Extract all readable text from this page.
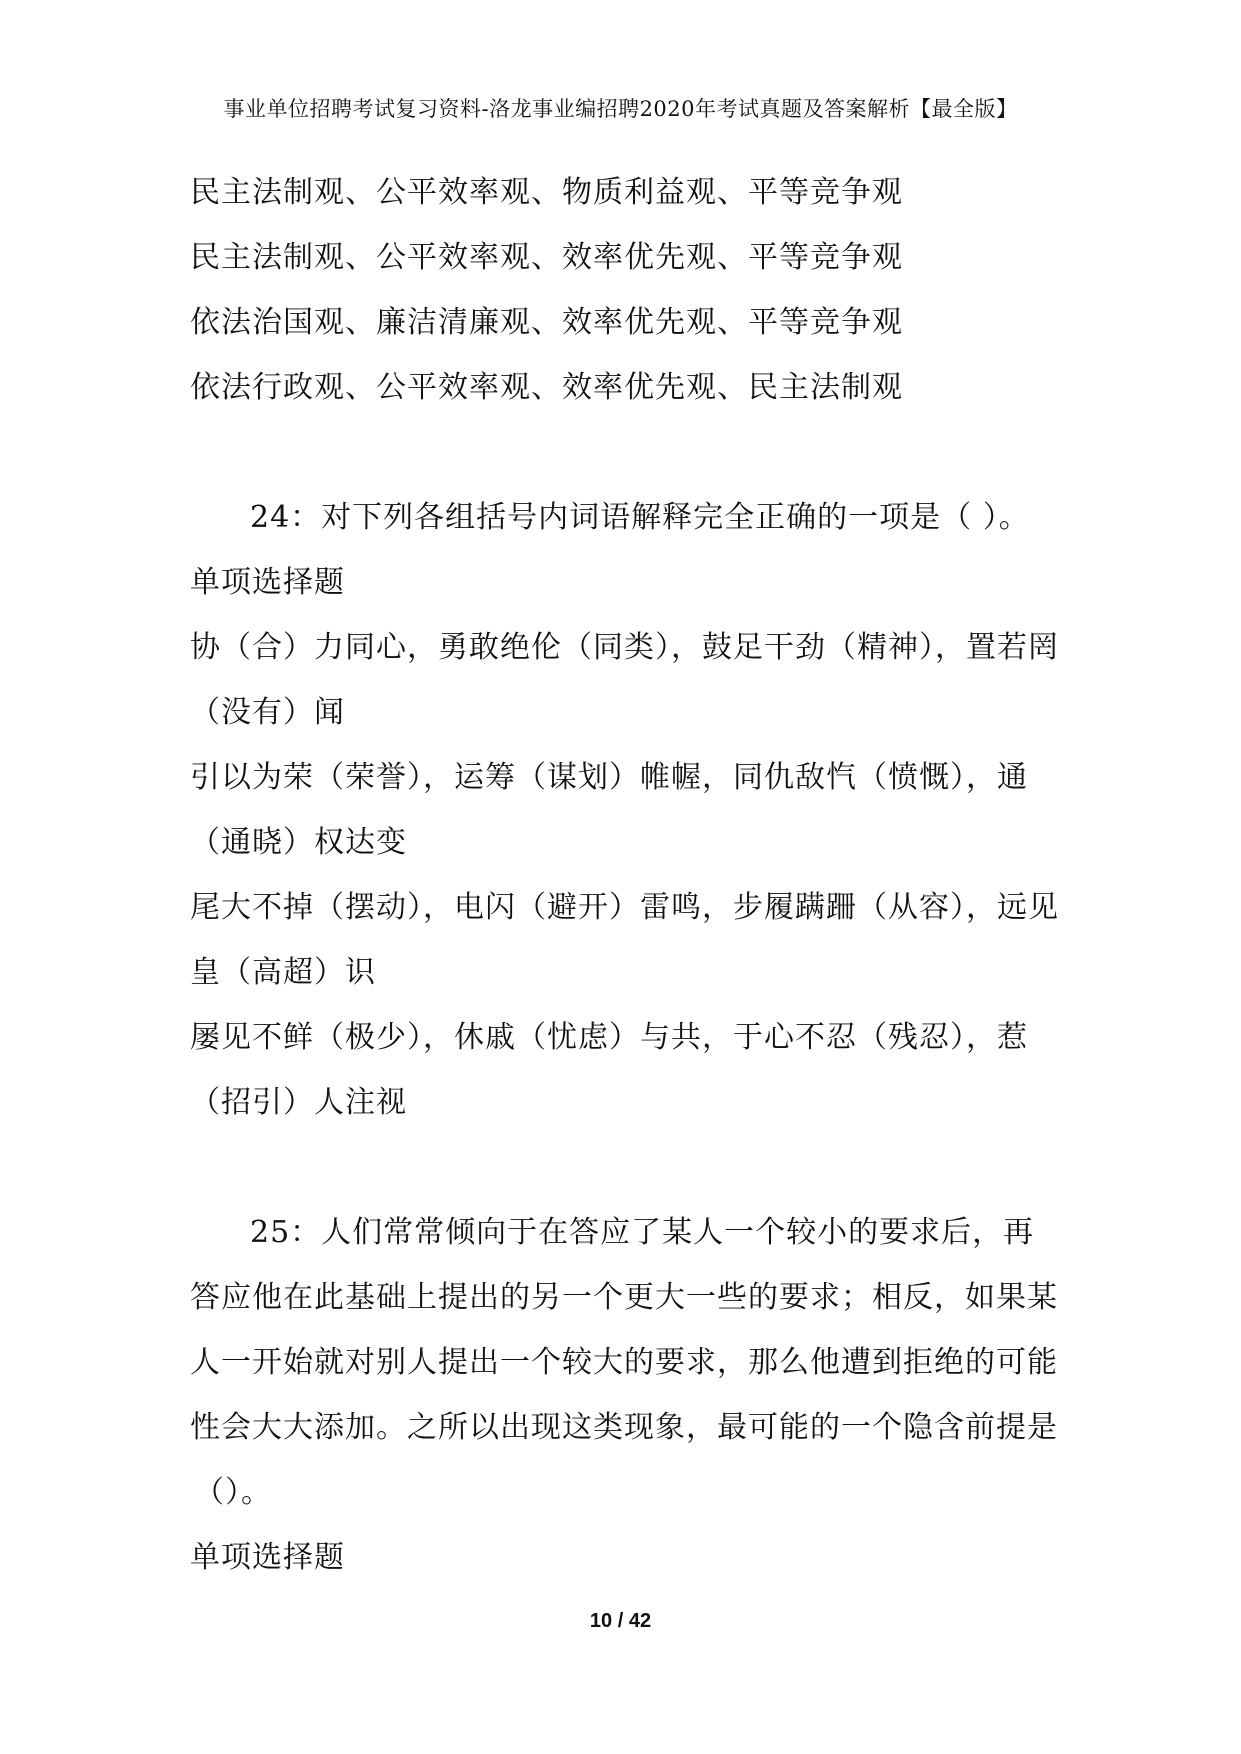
事业单位招聘考试复习资料-洛龙事业编招聘2020年考试真题及答案解析【最全版】
民主法制观、公平效率观、物质利益观、平等竞争观
民主法制观、公平效率观、效率优先观、平等竞争观
依法治国观、廉洁清廉观、效率优先观、平等竞争观
依法行政观、公平效率观、效率优先观、民主法制观
24：对下列各组括号内词语解释完全正确的一项是（ ）。
单项选择题
协（合）力同心，勇敢绝伦（同类），鼓足干劲（精神），置若罔
（没有）闻
引以为荣（荣誉），运筹（谋划）帷幄，同仇敌忾（愤慨），通
（通晓）权达变
尾大不掉（摆动），电闪（避开）雷鸣，步履蹒跚（从容），远见
皇（高超）识
屡见不鲜（极少），休戚（忧虑）与共，于心不忍（残忍），惹
（招引）人注视
25：人们常常倾向于在答应了某人一个较小的要求后，再
答应他在此基础上提出的另一个更大一些的要求；相反，如果某
人一开始就对别人提出一个较大的要求，那么他遭到拒绝的可能
性会大大添加。之所以出现这类现象，最可能的一个隐含前提是
（）。
单项选择题
10 / 42
